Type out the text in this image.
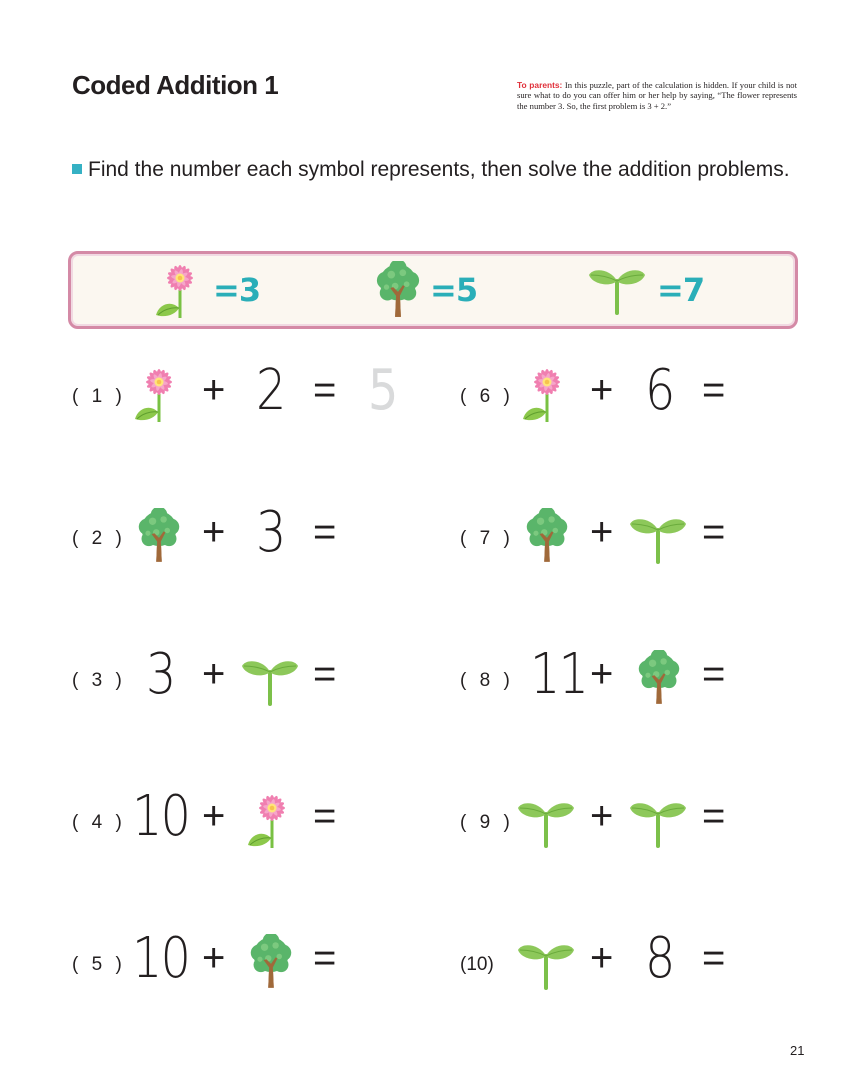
Coded Addition 1	To parents: In this puzzle, part of the calculation is hidden. If your child is not sure what to do you can offer him or her help by saying, “The flower represents the number 3. So, the first problem is 3 + 2.”
Find the number each symbol represents, then solve the addition problems.
=3	=5	=7
( 1 ) + 2 = 5	( 6 ) + 6 =
( 2 ) + 3 =	( 7 ) + =
( 3 ) 3 + =	( 8 ) 11 + =
( 4 ) 10 + =	( 9 ) + =
( 5 ) 10 + =	(10) + 8 =
21
